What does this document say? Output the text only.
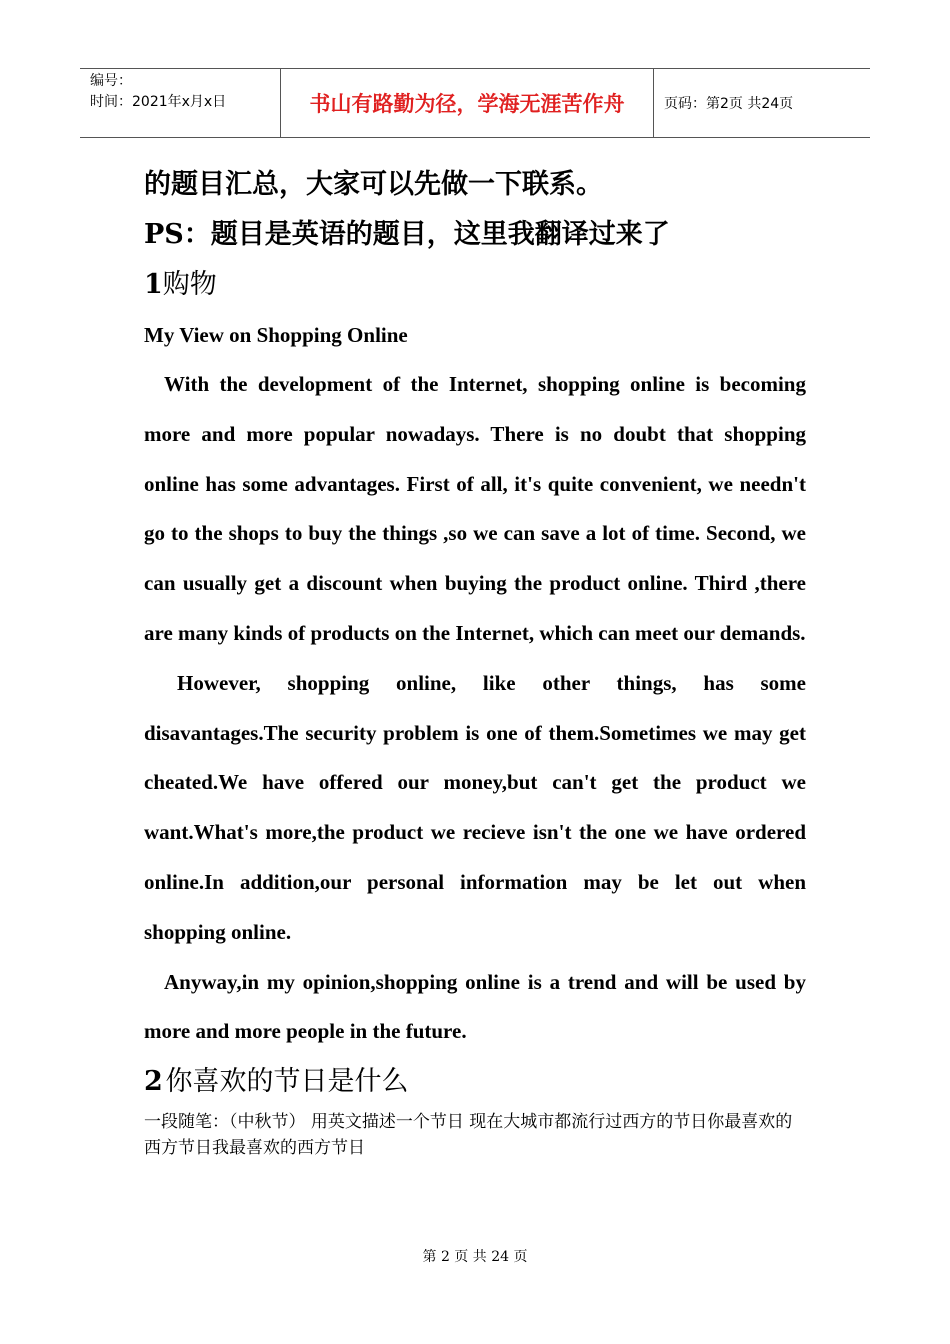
编号：
时间：2021年x月x日	书山有路勤为径，学海无涯苦作舟	页码：第2页 共24页

的题目汇总，大家可以先做一下联系。

PS：题目是英语的题目，这里我翻译过来了

1购物

My View on Shopping Online

With the development of the Internet, shopping online is becoming more and more popular nowadays. There is no doubt that shopping online has some advantages. First of all, it's quite convenient, we needn't go to the shops to buy the things ,so we can save a lot of time. Second, we can usually get a discount when buying the product online. Third ,there are many kinds of products on the Internet, which can meet our demands.

However, shopping online, like other things, has some disavantages.The security problem is one of them.Sometimes we may get cheated.We have offered our money,but can't get the product we want.What's more,the product we recieve isn't the one we have ordered online.In addition,our personal information may be let out when shopping online.

Anyway,in my opinion,shopping online is a trend and will be used by more and more people in the future.

2  你喜欢的节日是什么

一段随笔：（中秋节） 用英文描述一个节日 现在大城市都流行过西方的节日你最喜欢的西方节日我最喜欢的西方节日

第 2 页 共 24 页
